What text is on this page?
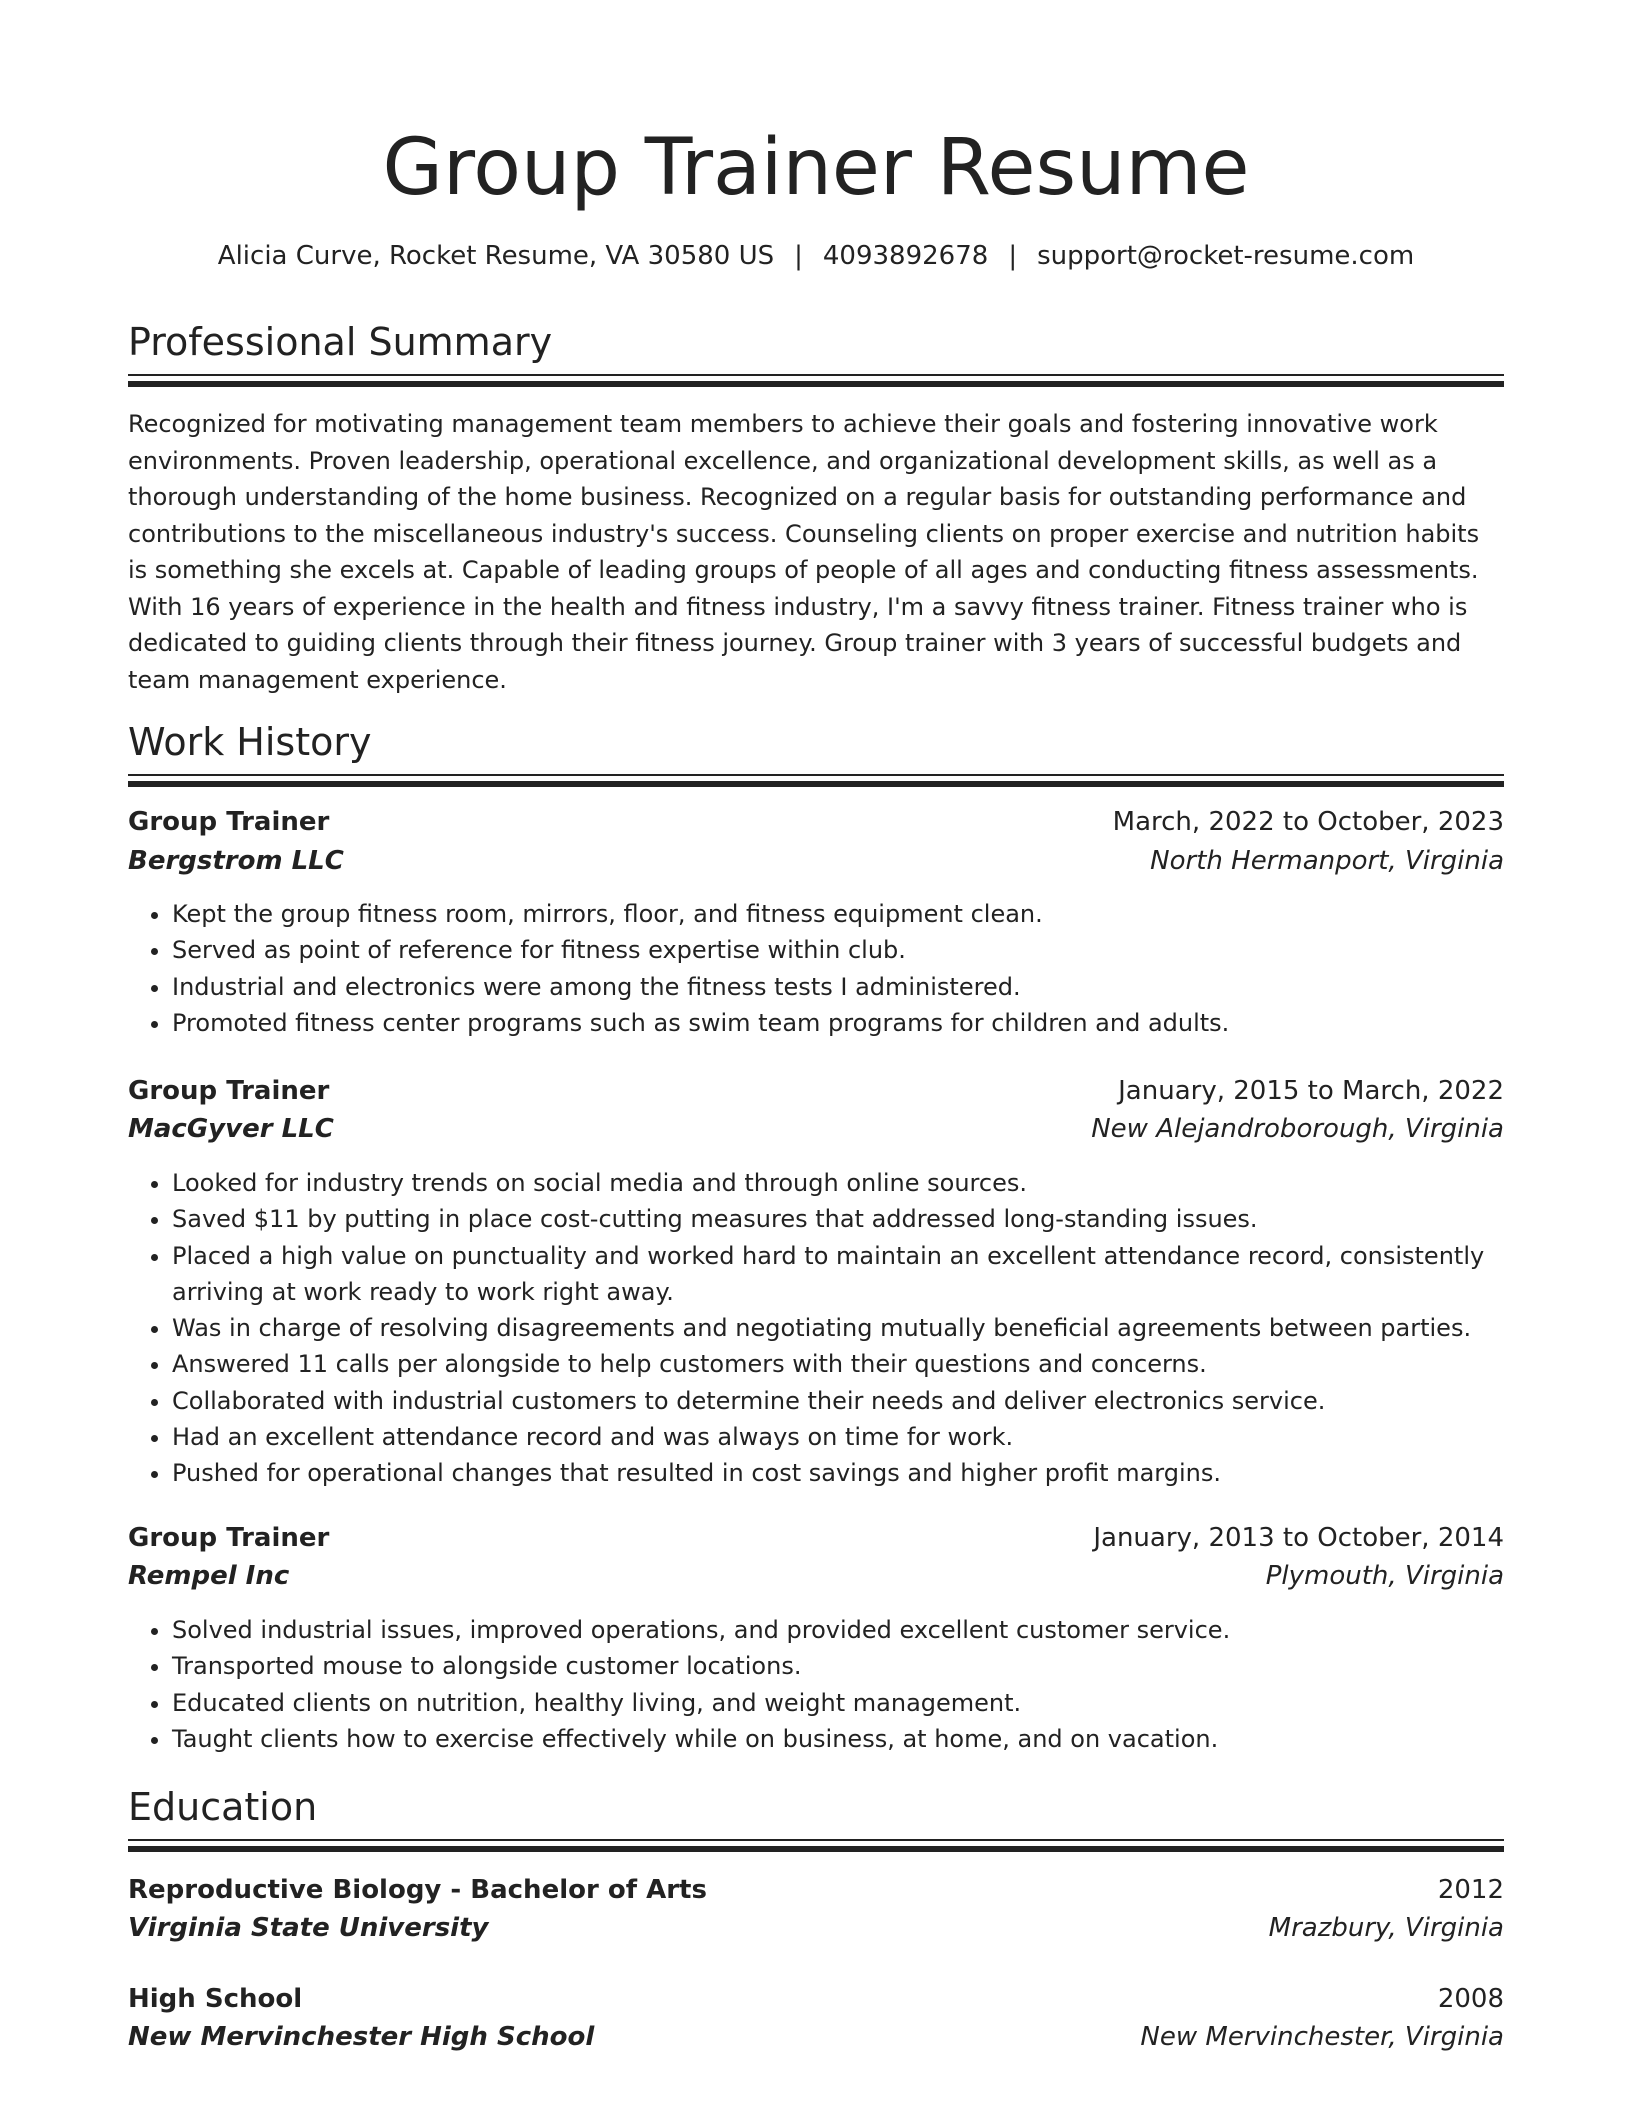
Group Trainer Resume
Alicia Curve, Rocket Resume, VA 30580 US | 4093892678 | support@rocket-resume.com
Professional Summary

Recognized for motivating management team members to achieve their goals and fostering innovative work environments. Proven leadership, operational excellence, and organizational development skills, as well as a thorough understanding of the home business. Recognized on a regular basis for outstanding performance and contributions to the miscellaneous industry's success. Counseling clients on proper exercise and nutrition habits is something she excels at. Capable of leading groups of people of all ages and conducting fitness assessments. With 16 years of experience in the health and fitness industry, I'm a savvy fitness trainer. Fitness trainer who is dedicated to guiding clients through their fitness journey. Group trainer with 3 years of successful budgets and team management experience.

Work History
Group Trainer	March, 2022 to October, 2023
Bergstrom LLC	North Hermanport, Virginia
• Kept the group fitness room, mirrors, floor, and fitness equipment clean.
• Served as point of reference for fitness expertise within club.
• Industrial and electronics were among the fitness tests I administered.
• Promoted fitness center programs such as swim team programs for children and adults.
Group Trainer	January, 2015 to March, 2022
MacGyver LLC	New Alejandroborough, Virginia
• Looked for industry trends on social media and through online sources.
• Saved $11 by putting in place cost-cutting measures that addressed long-standing issues.
• Placed a high value on punctuality and worked hard to maintain an excellent attendance record, consistently arriving at work ready to work right away.
• Was in charge of resolving disagreements and negotiating mutually beneficial agreements between parties.
• Answered 11 calls per alongside to help customers with their questions and concerns.
• Collaborated with industrial customers to determine their needs and deliver electronics service.
• Had an excellent attendance record and was always on time for work.
• Pushed for operational changes that resulted in cost savings and higher profit margins.
Group Trainer	January, 2013 to October, 2014
Rempel Inc	Plymouth, Virginia
• Solved industrial issues, improved operations, and provided excellent customer service.
• Transported mouse to alongside customer locations.
• Educated clients on nutrition, healthy living, and weight management.
• Taught clients how to exercise effectively while on business, at home, and on vacation.
Education
Reproductive Biology - Bachelor of Arts	2012
Virginia State University	Mrazbury, Virginia
High School	2008
New Mervinchester High School	New Mervinchester, Virginia
